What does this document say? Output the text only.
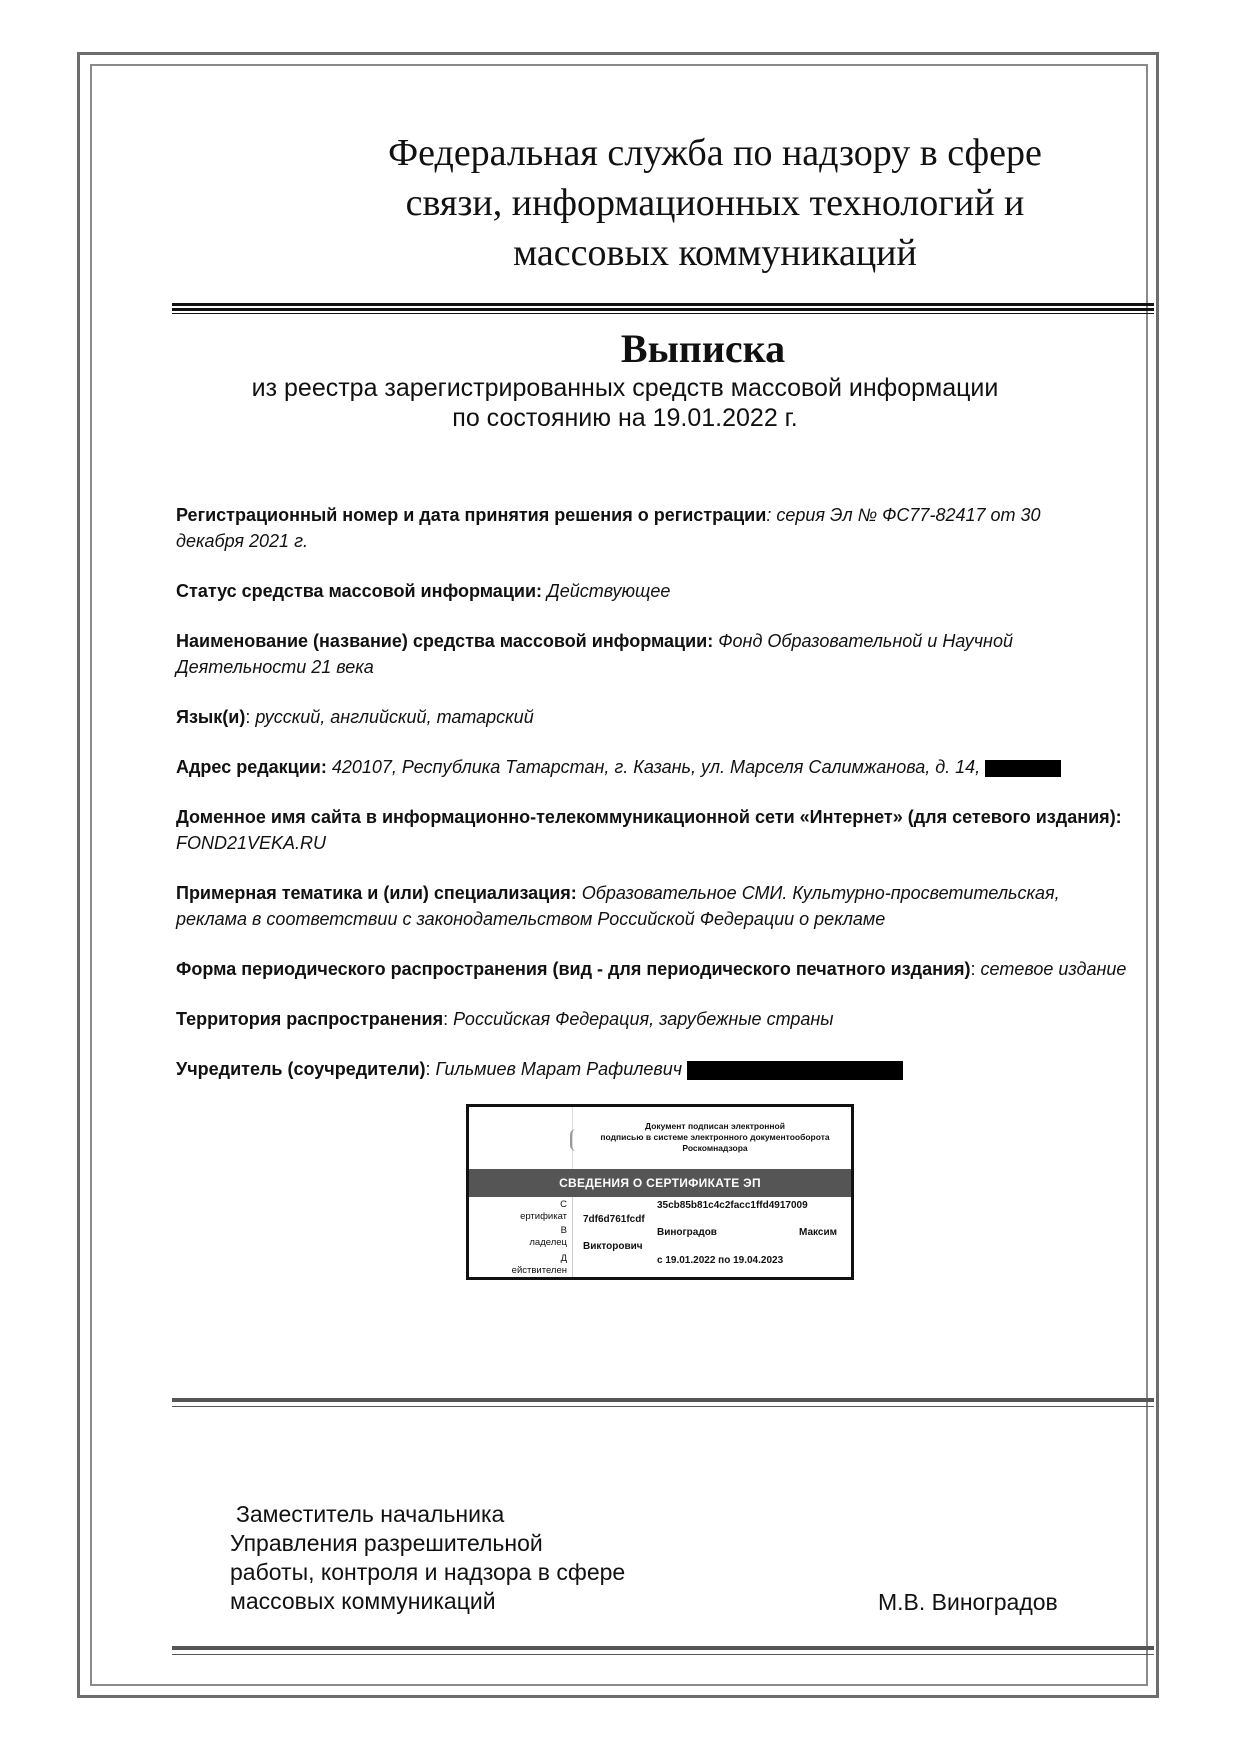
Федеральная служба по надзору в сфере
связи, информационных технологий и
массовых коммуникаций
Выписка
из реестра зарегистрированных средств массовой информации
по состоянию на 19.01.2022 г.
Регистрационный номер и дата принятия решения о регистрации: серия Эл № ФС77-82417 от 30
декабря 2021 г.
Статус средства массовой информации: Действующее
Наименование (название) средства массовой информации: Фонд Образовательной и Научной
Деятельности 21 века
Язык(и): русский, английский, татарский
Адрес редакции: 420107, Республика Татарстан, г. Казань, ул. Марселя Салимжанова, д. 14,
Доменное имя сайта в информационно-телекоммуникационной сети «Интернет» (для сетевого издания):
FOND21VEKA.RU
Примерная тематика и (или) специализация: Образовательное СМИ. Культурно-просветительская,
реклама в соответствии с законодательством Российской Федерации о рекламе
Форма периодического распространения (вид - для периодического печатного издания): сетевое издание
Территория распространения: Российская Федерация, зарубежные страны
Учредитель (соучредители): Гильмиев Марат Рафилевич
Документ подписан электронной
подписью в системе электронного документооборота
Роскомнадзора
СВЕДЕНИЯ О СЕРТИФИКАТЕ ЭП
С
ертификат
35cb85b81c4c2facc1ffd4917009
7df6d761fcdf
В
ладелец
Виноградов	Максим
Викторович
Д
ействителен
с 19.01.2022 по 19.04.2023
Заместитель начальника
Управления разрешительной
работы, контроля и надзора в сфере
массовых коммуникаций	М.В. Виноградов
